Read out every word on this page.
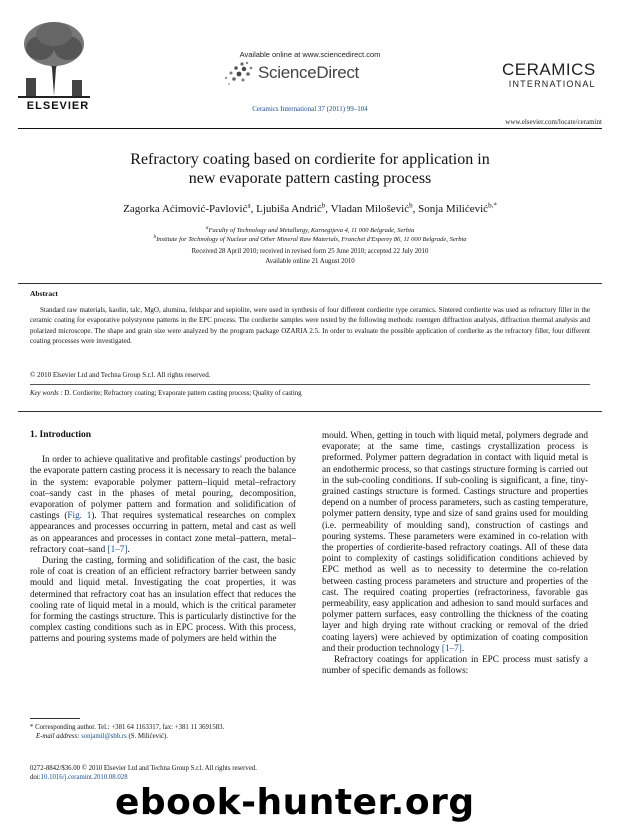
ELSEVIER
Available online at www.sciencedirect.com
ScienceDirect
Ceramics International 37 (2011) 99–104
CERAMICS
INTERNATIONAL
www.elsevier.com/locate/ceramint
Refractory coating based on cordierite for application in
new evaporate pattern casting process
Zagorka Aćimović-Pavlović$^a$, Ljubiša Andrić$^b$, Vladan Milošević$^b$, Sonja Milićević$^{b,*}$
$^a$Faculty of Technology and Metallurgy, Karnegijeva 4, 11 000 Belgrade, Serbia
$^b$Institute for Technology of Nuclear and Other Mineral Raw Materials, Franchet d'Esperey 86, 11 000 Belgrade, Serbia
Received 28 April 2010; received in revised form 25 June 2010; accepted 22 July 2010
Available online 21 August 2010
Abstract
Standard raw materials, kaolin, talc, MgO, alumina, feldspar and sepiolite, were used in synthesis of four different cordierite type ceramics. Sintered cordierite was used as refractory filler in the ceramic coating for evaporative polystyrene patterns in the EPC process. The cordierite samples were tested by the following methods: roentgen diffraction analysis, diffraction thermal analysis and polarized microscope. The shape and grain size were analyzed by the program package OZARIA 2.5. In order to evaluate the possible application of cordierite as the refractory filler, four different coating processes were investigated.
© 2010 Elsevier Ltd and Techna Group S.r.l. All rights reserved.
Key words : D. Cordierite; Refractory coating; Evaporate pattern casting process; Quality of casting
1. Introduction

In order to achieve qualitative and profitable castings' production by the evaporate pattern casting process it is necessary to reach the balance in the system: evaporable polymer pattern–liquid metal–refractory coat–sandy cast in the phases of metal pouring, decomposition, evaporation of polymer pattern and formation and solidification of castings (Fig. 1). That requires systematical researches on complex appearances and processes occurring in pattern, metal and cast as well as on appearances and processes in contact zone metal–pattern, metal–refractory coat–sand [1–7].

During the casting, forming and solidification of the cast, the basic role of coat is creation of an efficient refractory barrier between sandy mould and liquid metal. Investigating the coat properties, it was determined that refractory coat has an insulation effect that reduces the cooling rate of liquid metal in a mould, which is the critical parameter for forming the castings structure. This is particularly distinctive for the complex casting conditions such as in EPC process. With this process, patterns and pouring systems made of polymers are held within the

mould. When, getting in touch with liquid metal, polymers degrade and evaporate; at the same time, castings crystallization process is preformed. Polymer pattern degradation in contact with liquid metal is an endothermic process, so that castings structure forming is carried out in the sub-cooling conditions. If sub-cooling is significant, a fine, tiny-grained castings structure is formed. Castings structure and properties depend on a number of process parameters, such as casting temperature, polymer pattern density, type and size of sand grains used for moulding (i.e. permeability of moulding sand), construction of castings and pouring systems. These parameters were examined in co-relation with the properties of cordierite-based refractory coatings. All of these data point to complexity of castings solidification conditions achieved by EPC method as well as to necessity to determine the co-relation between casting process parameters and structure and properties of the cast. The required coating properties (refractoriness, favorable gas permeability, easy application and adhesion to sand mould surfaces and polymer pattern surfaces, easy controlling the thickness of the coating layer and high drying rate without cracking or removal of the dried coating layers) were achieved by optimization of coating composition and their production technology [1–7].

Refractory coatings for application in EPC process must satisfy a number of specific demands as follows:

* Corresponding author. Tel.: +381 64 1163317, fax: +381 11 3691583.
E-mail address: sonjamil@sbb.rs (S. Milićević).
0272-8842/$36.00 © 2010 Elsevier Ltd and Techna Group S.r.l. All rights reserved.
doi:10.1016/j.ceramint.2010.08.028
ebook-hunter.org
